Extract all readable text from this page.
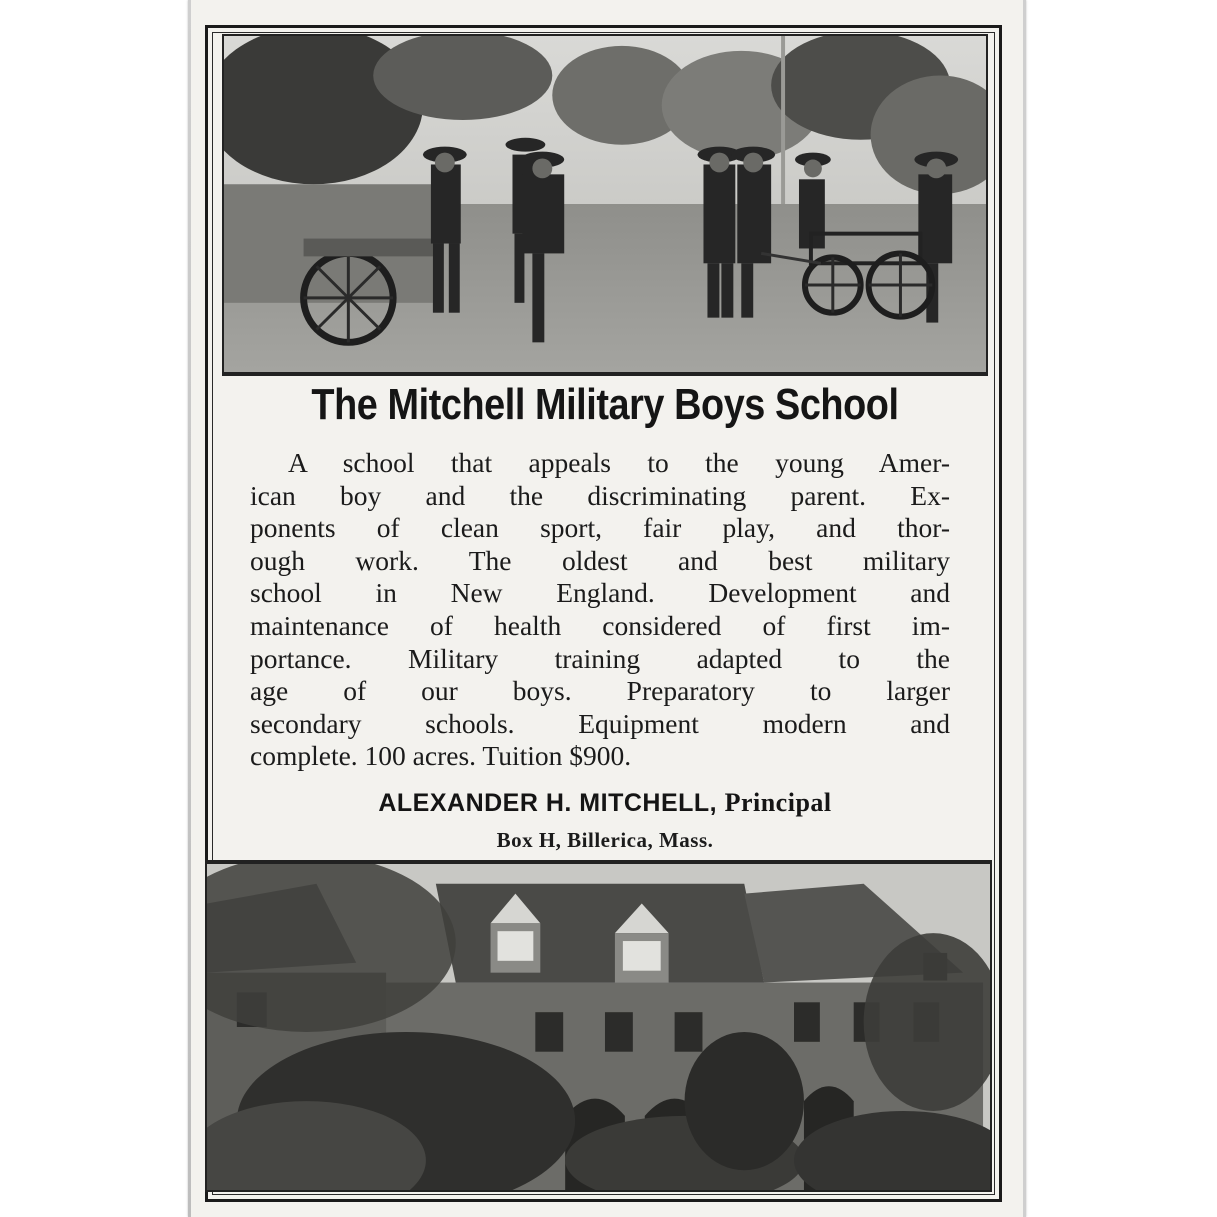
The Mitchell Military Boys School
A school that appeals to the young Amer-
ican boy and the discriminating parent. Ex-
ponents of clean sport, fair play, and thor-
ough work. The oldest and best military
school in New England. Development and
maintenance of health considered of first im-
portance. Military training adapted to the
age of our boys. Preparatory to larger
secondary schools. Equipment modern and
complete. 100 acres. Tuition $900.
ALEXANDER H. MITCHELL, Principal
Box H, Billerica, Mass.
